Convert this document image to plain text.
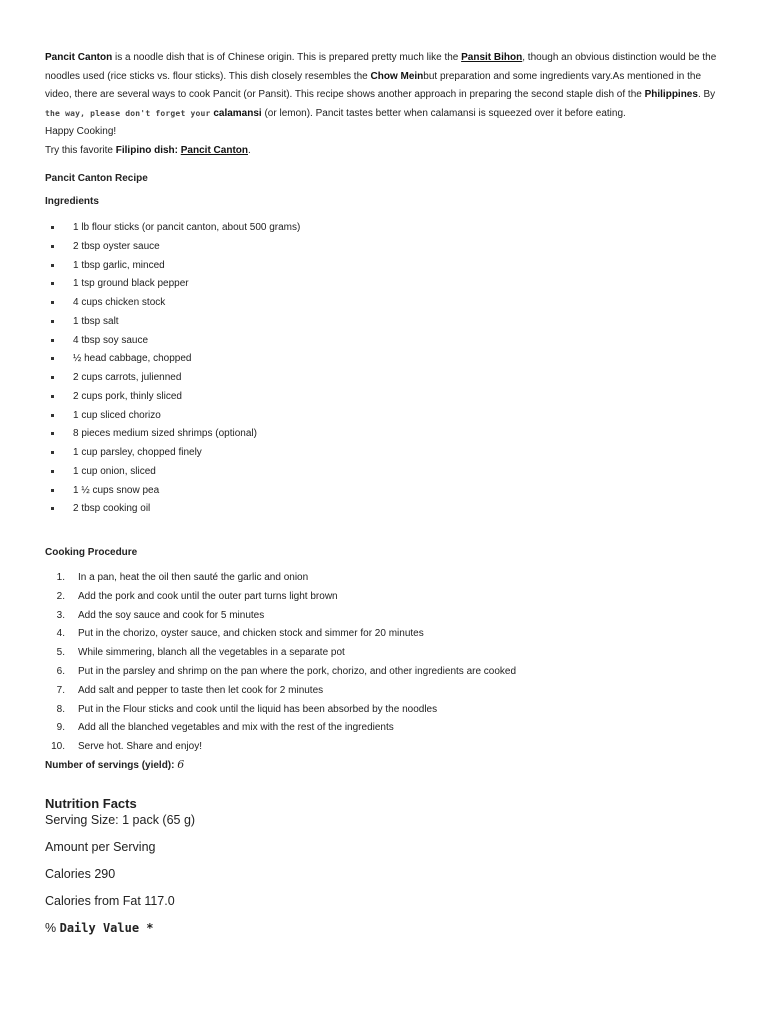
Pancit Canton is a noodle dish that is of Chinese origin. This is prepared pretty much like the Pansit Bihon, though an obvious distinction would be the noodles used (rice sticks vs. flour sticks). This dish closely resembles the Chow Meinbut preparation and some ingredients vary.As mentioned in the video, there are several ways to cook Pancit (or Pansit). This recipe shows another approach in preparing the second staple dish of the Philippines. By the way, please don't forget your calamansi (or lemon). Pancit tastes better when calamansi is squeezed over it before eating.

Happy Cooking!

Try this favorite Filipino dish: Pancit Canton.

Pancit Canton Recipe
Ingredients
1 lb flour sticks (or pancit canton, about 500 grams)
2 tbsp oyster sauce
1 tbsp garlic, minced
1 tsp ground black pepper
4 cups chicken stock
1 tbsp salt
4 tbsp soy sauce
½ head cabbage, chopped
2 cups carrots, julienned
2 cups pork, thinly sliced
1 cup sliced chorizo
8 pieces medium sized shrimps (optional)
1 cup parsley, chopped finely
1 cup onion, sliced
1 ½ cups snow pea
2 tbsp cooking oil
Cooking Procedure
1. In a pan, heat the oil then sauté the garlic and onion
2. Add the pork and cook until the outer part turns light brown
3. Add the soy sauce and cook for 5 minutes
4. Put in the chorizo, oyster sauce, and chicken stock and simmer for 20 minutes
5. While simmering, blanch all the vegetables in a separate pot
6. Put in the parsley and shrimp on the pan where the pork, chorizo, and other ingredients are cooked
7. Add salt and pepper to taste then let cook for 2 minutes
8. Put in the Flour sticks and cook until the liquid has been absorbed by the noodles
9. Add all the blanched vegetables and mix with the rest of the ingredients
10. Serve hot. Share and enjoy!
Number of servings (yield): 6
Nutrition Facts
Serving Size: 1 pack (65 g)
Amount per Serving
Calories 290
Calories from Fat 117.0
% Daily Value *
